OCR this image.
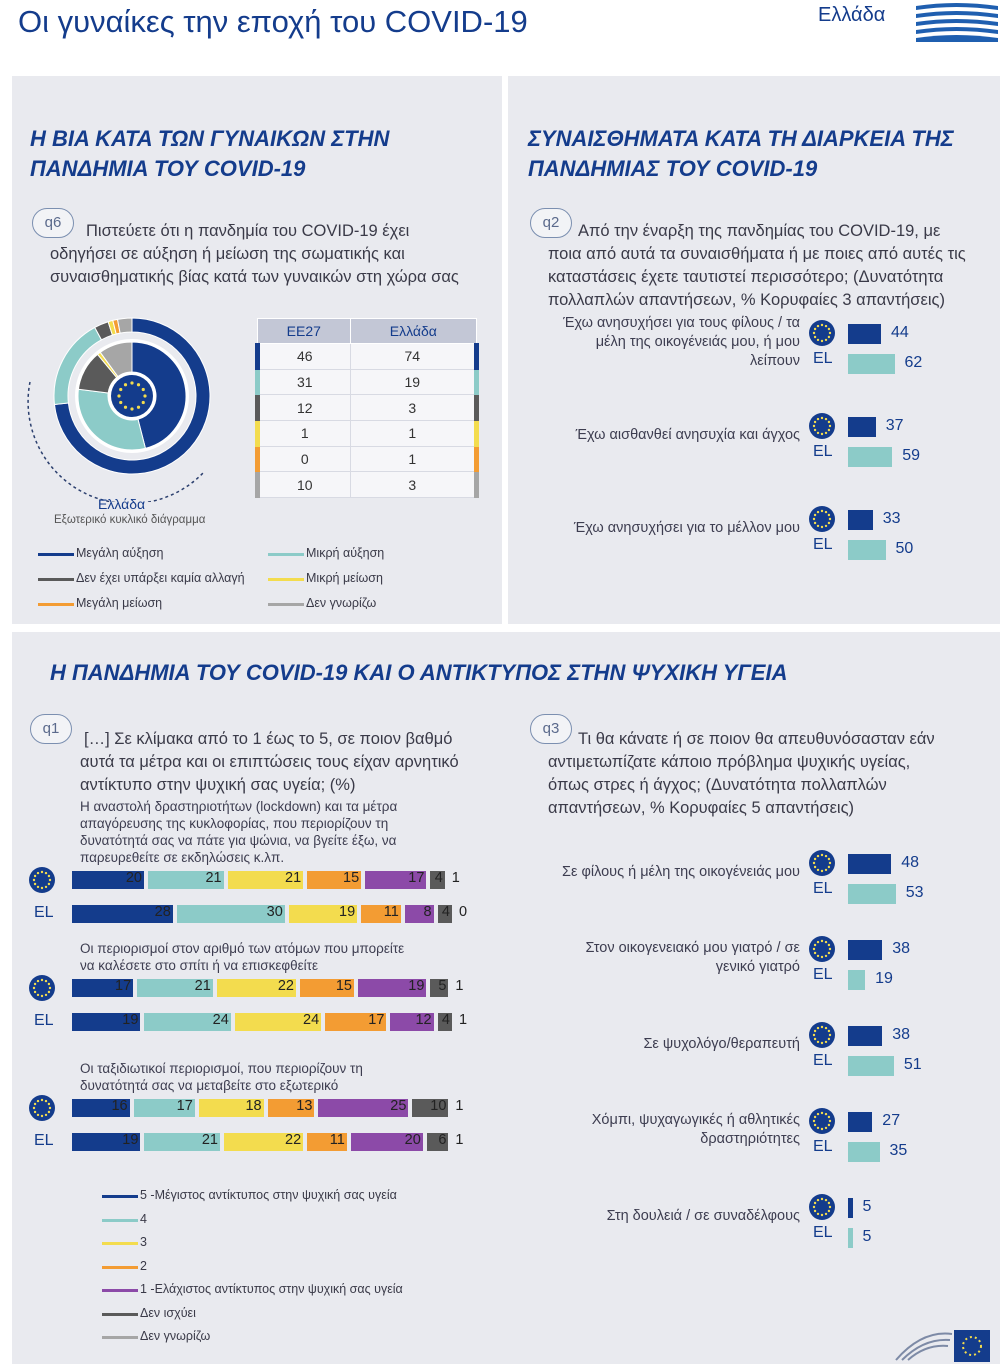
Οι γυναίκες την εποχή του COVID-19	Ελλάδα
Η ΒΙΑ ΚΑΤΑ ΤΩΝ ΓΥΝΑΙΚΩΝ ΣΤΗΝ
ΠΑΝΔΗΜΙΑ ΤΟΥ COVID-19
q6	Πιστεύετε ότι η πανδημία του COVID-19 έχει
οδηγήσει σε αύξηση ή μείωση της σωματικής και
συναισθηματικής βίας κατά των γυναικών στη χώρα σας
Ελλάδα
Εξωτερικό κυκλικό διάγραμμα
ΕΕ27	Ελλάδα
46	74
31	19
12	3
1	1
0	1
10	3
Μεγάλη αύξηση	Μικρή αύξηση
Δεν έχει υπάρξει καμία αλλαγή	Μικρή μείωση
Μεγάλη μείωση	Δεν γνωρίζω
ΣΥΝΑΙΣΘΗΜΑΤΑ ΚΑΤΑ ΤΗ ΔΙΑΡΚΕΙΑ ΤΗΣ
ΠΑΝΔΗΜΙΑΣ ΤΟΥ COVID-19
q2	Από την έναρξη της πανδημίας του COVID-19, με
ποια από αυτά τα συναισθήματα ή με ποιες από αυτές τις
καταστάσεις έχετε ταυτιστεί περισσότερο; (Δυνατότητα
πολλαπλών απαντήσεων, % Κορυφαίες 3 απαντήσεις)
Έχω ανησυχήσει για τους φίλους / τα
μέλη της οικογένειάς μου, ή μου
λείπουν EL
44
62
Έχω αισθανθεί ανησυχία και άγχος
EL
37
59
Έχω ανησυχήσει για το μέλλον μου
EL
33
50
Η ΠΑΝΔΗΜΙΑ ΤΟΥ COVID-19 ΚΑΙ Ο ΑΝΤΙΚΤΥΠΟΣ ΣΤΗΝ ΨΥΧΙΚΗ ΥΓΕΙΑ
q1
[…] Σε κλίμακα από το 1 έως το 5, σε ποιον βαθμό
αυτά τα μέτρα και οι επιπτώσεις τους είχαν αρνητικό
αντίκτυπο στην ψυχική σας υγεία; (%)
Η αναστολή δραστηριοτήτων (lockdown) και τα μέτρα
απαγόρευσης της κυκλοφορίας, που περιορίζουν τη
δυνατότητά σας να πάτε για ψώνια, να βγείτε έξω, να
παρευρεθείτε σε εκδηλώσεις κ.λπ.
20	21	21	15	17 4 1
EL	28	30	19	11	8 4 0
Οι περιορισμοί στον αριθμό των ατόμων που μπορείτε
να καλέσετε στο σπίτι ή να επισκεφθείτε
17	21	22	15	19 5 1
EL	19	24	24	17 12 4 1
Οι ταξιδιωτικοί περιορισμοί, που περιορίζουν τη
δυνατότητά σας να μεταβείτε στο εξωτερικό
16	17	18 13	25 10 1
EL	19	21	22	11	20	6 1
5 -Μέγιστος αντίκτυπος στην ψυχική σας υγεία
4
3
2
1 -Ελάχιστος αντίκτυπος στην ψυχική σας υγεία
Δεν ισχύει
Δεν γνωρίζω
q3
Τι θα κάνατε ή σε ποιον θα απευθυνόσασταν εάν
αντιμετωπίζατε κάποιο πρόβλημα ψυχικής υγείας,
όπως στρες ή άγχος; (Δυνατότητα πολλαπλών
απαντήσεων, % Κορυφαίες 5 απαντήσεις)
Σε φίλους ή μέλη της οικογένειάς μου
EL
48
53
Στον οικογενειακό μου γιατρό / σε
γενικό γιατρό EL
38
19
Σε ψυχολόγο/θεραπευτή
EL
38
51
Χόμπι, ψυχαγωγικές ή αθλητικές
δραστηριότητες EL
27
35
Στη δουλειά / σε συναδέλφους
EL
5
5
